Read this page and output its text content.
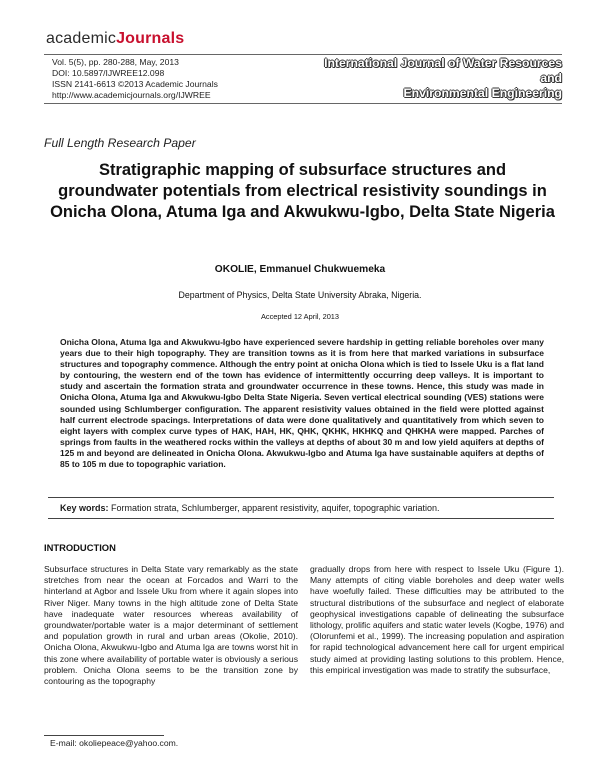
academicJournals
Vol. 5(5), pp. 280-288, May, 2013
DOI: 10.5897/IJWREE12.098
ISSN 2141-6613 ©2013 Academic Journals
http://www.academicjournals.org/IJWREE
International Journal of Water Resources and
Environmental Engineering
Full Length Research Paper
Stratigraphic mapping of subsurface structures and groundwater potentials from electrical resistivity soundings in Onicha Olona, Atuma Iga and Akwukwu-Igbo, Delta State Nigeria
OKOLIE, Emmanuel Chukwuemeka
Department of Physics, Delta State University Abraka, Nigeria.
Accepted 12 April, 2013
Onicha Olona, Atuma Iga and Akwukwu-Igbo have experienced severe hardship in getting reliable boreholes over many years due to their high topography. They are transition towns as it is from here that marked variations in subsurface structures and topography commence. Although the entry point at onicha Olona which is tied to Issele Uku is a flat land by contouring, the western end of the town has evidence of intermittently occurring deep valleys. It is important to study and ascertain the formation strata and groundwater occurrence in these towns. Hence, this study was made in Onicha Olona, Atuma Iga and Akwukwu-Igbo Delta State Nigeria. Seven vertical electrical sounding (VES) stations were sounded using Schlumberger configuration. The apparent resistivity values obtained in the field were plotted against half current electrode spacings. Interpretations of data were done qualitatively and quantitatively from which seven to eight layers with complex curve types of HAK, HAH, HK, QHK, QKHK, HKHKQ and QHKHA were mapped. Parches of springs from faults in the weathered rocks within the valleys at depths of about 30 m and low yield aquifers at depths of 125 m and beyond are delineated in Onicha Olona. Akwukwu-Igbo and Atuma Iga have sustainable aquifers at depths of 85 to 105 m due to topographic variation.
Key words: Formation strata, Schlumberger, apparent resistivity, aquifer, topographic variation.
INTRODUCTION
Subsurface structures in Delta State vary remarkably as the state stretches from near the ocean at Forcados and Warri to the hinterland at Agbor and Issele Uku from where it again slopes into River Niger. Many towns in the high altitude zone of Delta State have inadequate water resources whereas availability of groundwater/portable water is a major determinant of settlement and population growth in rural and urban areas (Okolie, 2010). Onicha Olona, Akwukwu-Igbo and Atuma Iga are towns worst hit in this zone where availability of portable water is obviously a serious problem. Onicha Olona seems to be the transition zone by contouring as the topography
gradually drops from here with respect to Issele Uku (Figure 1). Many attempts of citing viable boreholes and deep water wells have woefully failed. These difficulties may be attributed to the structural distributions of the subsurface and neglect of elaborate geophysical investigations capable of delineating the subsurface lithology, prolific aquifers and static water levels (Kogbe, 1976) and (Olorunfemi et al., 1999). The increasing population and aspiration for rapid technological advancement here call for urgent empirical study aimed at providing lasting solutions to this problem. Hence, this empirical investigation was made to stratify the subsurface,
E-mail: okoliepeace@yahoo.com.
